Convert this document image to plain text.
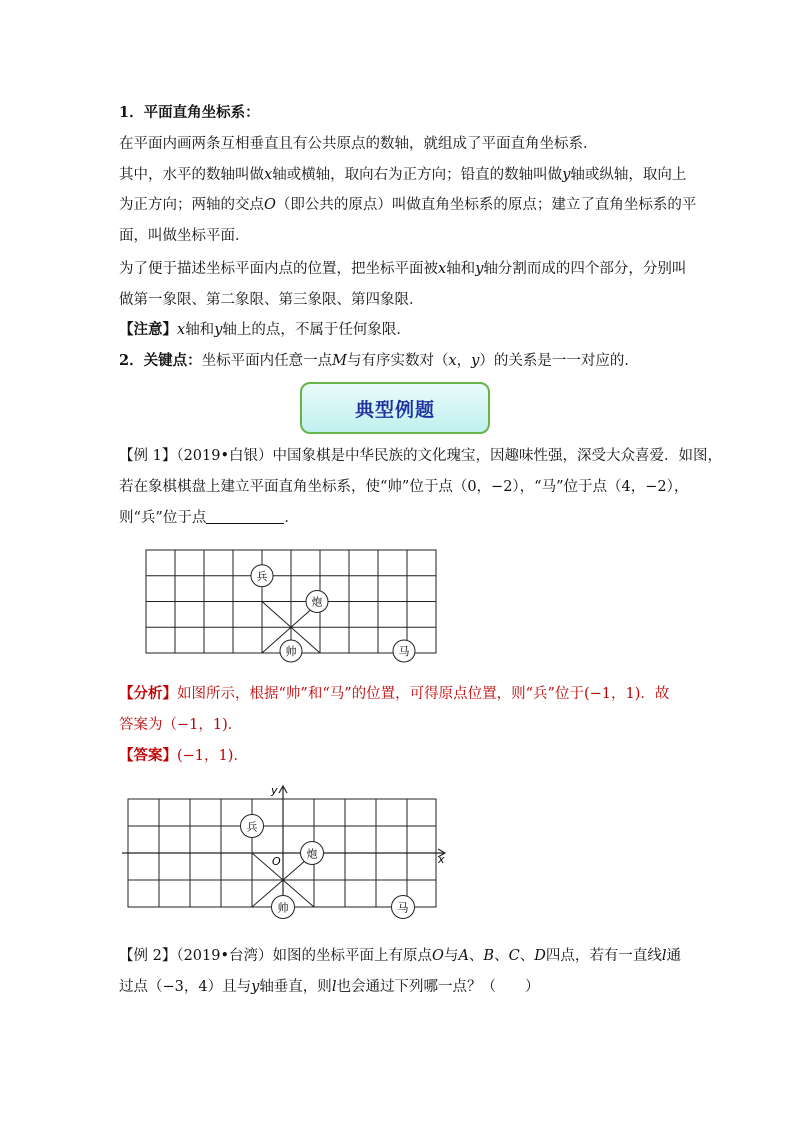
1．平面直角坐标系：
在平面内画两条互相垂直且有公共原点的数轴，就组成了平面直角坐标系．
其中，水平的数轴叫做x轴或横轴，取向右为正方向；铅直的数轴叫做y轴或纵轴，取向上
为正方向；两轴的交点O（即公共的原点）叫做直角坐标系的原点；建立了直角坐标系的平
面，叫做坐标平面．
为了便于描述坐标平面内点的位置，把坐标平面被x轴和y轴分割而成的四个部分，分别叫
做第一象限、第二象限、第三象限、第四象限．
【注意】x轴和y轴上的点，不属于任何象限．
2．关键点：坐标平面内任意一点M与有序实数对（x，y）的关系是一一对应的．
典型例题
【例 1】（2019•白银）中国象棋是中华民族的文化瑰宝，因趣味性强，深受大众喜爱．如图，
若在象棋棋盘上建立平面直角坐标系，使“帅”位于点（0，−2），“马”位于点（4，−2），
则“兵”位于点	．
兵
炮
帅	马
【分析】如图所示，根据“帅”和“马”的位置，可得原点位置，则“兵”位于(−1，1)．故
答案为（−1，1)．
【答案】(−1，1)．
y
x
O
兵
炮
帅	马
【例 2】（2019•台湾）如图的坐标平面上有原点O与A、B、C、D四点，若有一直线l通
过点（−3，4）且与y轴垂直，则l也会通过下列哪一点？（　　）
